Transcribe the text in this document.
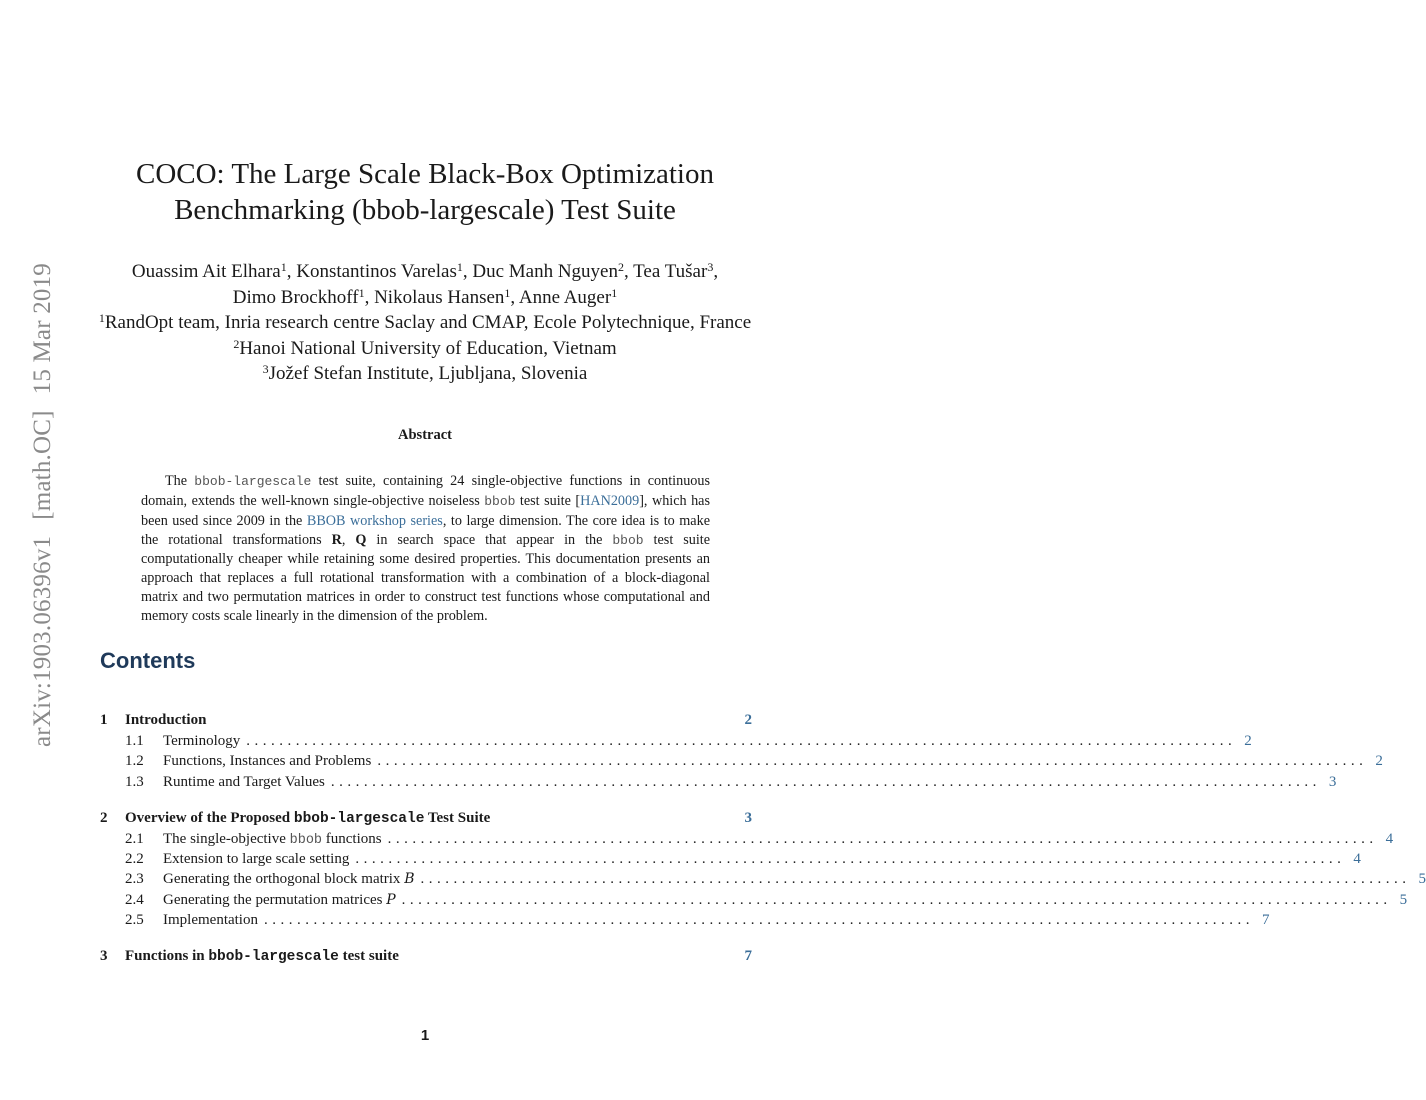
arXiv:1903.06396v1[math.OC]15 Mar 2019
COCO: The Large Scale Black-Box Optimization
Benchmarking (bbob-largescale) Test Suite
Ouassim Ait Elhara$^1$, Konstantinos Varelas$^1$, Duc Manh Nguyen$^2$, Tea Tušar$^3$,
Dimo Brockhoff$^1$, Nikolaus Hansen$^1$, Anne Auger$^1$
$^1$RandOpt team, Inria research centre Saclay and CMAP, Ecole Polytechnique, France
$^2$Hanoi National University of Education, Vietnam
$^3$Jožef Stefan Institute, Ljubljana, Slovenia
Abstract

The bbob-largescale test suite, containing 24 single-objective functions in continuous domain, extends the well-known single-objective noiseless bbob test suite [HAN2009], which has been used since 2009 in the BBOB workshop series, to large dimension. The core idea is to make the rotational transformations R, Q in search space that appear in the bbob test suite computationally cheaper while retaining some desired properties. This documentation presents an approach that replaces a full rotational transformation with a combination of a block-diagonal matrix and two permutation matrices in order to construct test functions whose computational and memory costs scale linearly in the dimension of the problem.

Contents
1 Introduction	2
1.1 Terminology ........................................................................................................................ 2
1.2 Functions, Instances and Problems ........................................................................................................................ 2
1.3 Runtime and Target Values ........................................................................................................................ 3
2 Overview of the Proposed bbob-largescale Test Suite	3
2.1 The single-objective bbob functions ........................................................................................................................ 4
2.2 Extension to large scale setting ........................................................................................................................ 4
2.3 Generating the orthogonal block matrix B ........................................................................................................................ 5
2.4 Generating the permutation matrices P ........................................................................................................................ 5
2.5 Implementation ........................................................................................................................ 7
3 Functions in bbob-largescale test suite	7
1
